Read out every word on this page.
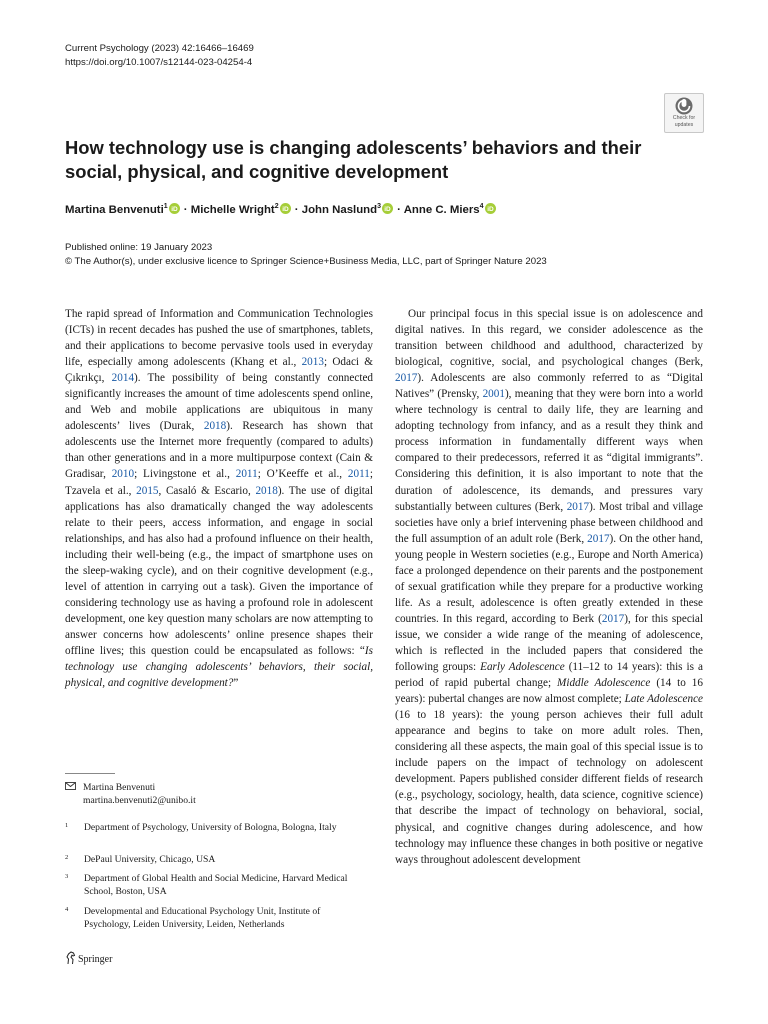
Current Psychology (2023) 42:16466–16469
https://doi.org/10.1007/s12144-023-04254-4
Check for
updates
How technology use is changing adolescents’ behaviors and their social, physical, and cognitive development
Martina Benvenuti$^1$ iD · Michelle Wright$^2$ iD · John Naslund$^3$ iD · Anne C. Miers$^4$ iD
Published online: 19 January 2023
© The Author(s), under exclusive licence to Springer Science+Business Media, LLC, part of Springer Nature 2023

The rapid spread of Information and Communication Technologies (ICTs) in recent decades has pushed the use of smartphones, tablets, and their applications to become pervasive tools used in everyday life, especially among adolescents (Khang et al., 2013; Odaci & Çıkrıkçı, 2014). The possibility of being constantly connected significantly increases the amount of time adolescents spend online, and Web and mobile applications are ubiquitous in many adolescents’ lives (Durak, 2018). Research has shown that adolescents use the Internet more frequently (compared to adults) than other generations and in a more multipurpose context (Cain & Gradisar, 2010; Livingstone et al., 2011; O’Keeffe et al., 2011; Tzavela et al., 2015, Casaló & Escario, 2018). The use of digital applications has also dramatically changed the way adolescents relate to their peers, access information, and engage in social relationships, and has also had a profound influence on their health, including their well-being (e.g., the impact of smartphone uses on the sleep-waking cycle), and on their cognitive development (e.g., level of attention in carrying out a task). Given the importance of considering technology use as having a profound role in adolescent development, one key question many scholars are now attempting to answer concerns how adolescents’ online presence shapes their offline lives; this question could be encapsulated as follows: “Is technology use changing adolescents’ behaviors, their social, physical, and cognitive development?”

Our principal focus in this special issue is on adolescence and digital natives. In this regard, we consider adolescence as the transition between childhood and adulthood, characterized by biological, cognitive, social, and psychological changes (Berk, 2017). Adolescents are also commonly referred to as “Digital Natives” (Prensky, 2001), meaning that they were born into a world where technology is central to daily life, they are learning and adopting technology from infancy, and as a result they think and process information in fundamentally different ways when compared to their predecessors, referred it as “digital immigrants”. Considering this definition, it is also important to note that the duration of adolescence, its demands, and pressures vary substantially between cultures (Berk, 2017). Most tribal and village societies have only a brief intervening phase between childhood and the full assumption of an adult role (Berk, 2017). On the other hand, young people in Western societies (e.g., Europe and North America) face a prolonged dependence on their parents and the postponement of sexual gratification while they prepare for a productive working life. As a result, adolescence is often greatly extended in these countries. In this regard, according to Berk (2017), for this special issue, we consider a wide range of the meaning of adolescence, which is reflected in the included papers that considered the following groups: Early Adolescence (11–12 to 14 years): this is a period of rapid pubertal change; Middle Adolescence (14 to 16 years): pubertal changes are now almost complete; Late Adolescence (16 to 18 years): the young person achieves their full adult appearance and begins to take on more adult roles. Then, considering all these aspects, the main goal of this special issue is to include papers on the impact of technology on adolescent development. Papers published consider different fields of research (e.g., psychology, sociology, health, data science, cognitive science) that describe the impact of technology on behavioral, social, physical, and cognitive changes during adolescence, and how technology may influence these changes in both positive or negative ways throughout adolescent development

Martina Benvenuti
martina.benvenuti2@unibo.it
1 Department of Psychology, University of Bologna, Bologna, Italy
2 DePaul University, Chicago, USA
3 Department of Global Health and Social Medicine, Harvard Medical School, Boston, USA
4 Developmental and Educational Psychology Unit, Institute of Psychology, Leiden University, Leiden, Netherlands
Springer
